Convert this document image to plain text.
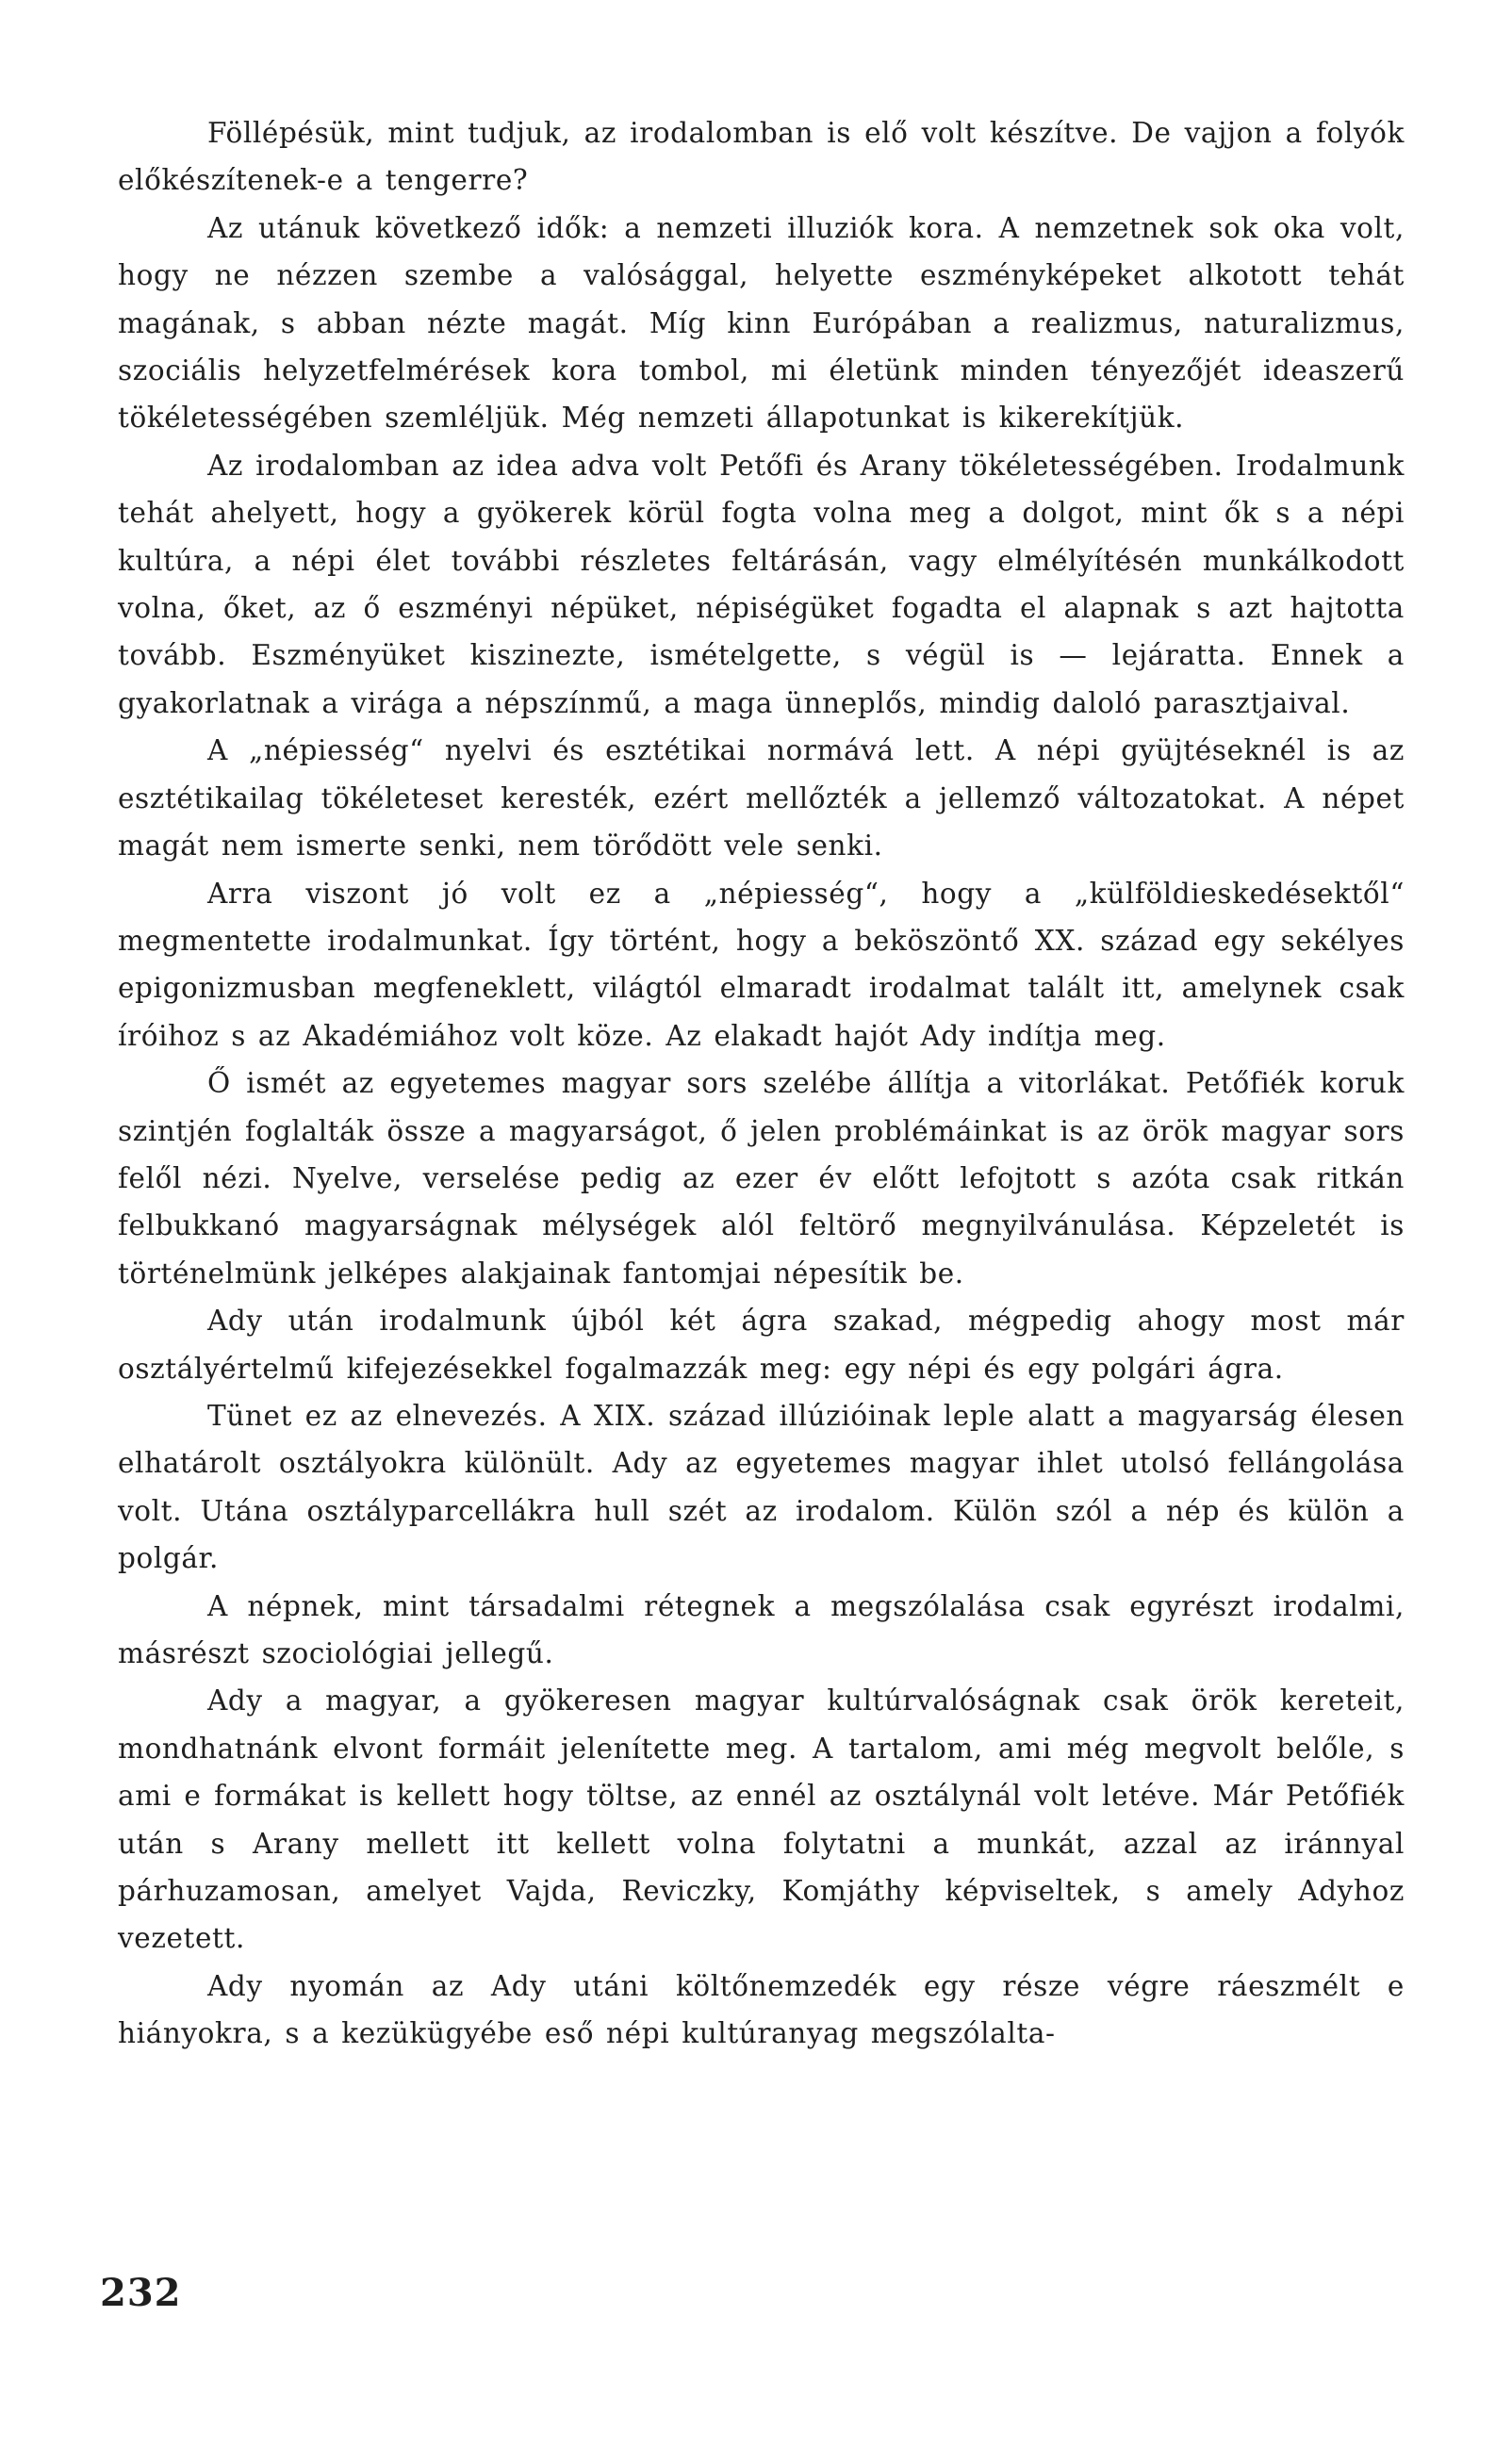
Föllépésük, mint tudjuk, az irodalomban is elő volt készítve. De vajjon a folyók előkészítenek-e a tengerre?

Az utánuk következő idők: a nemzeti illuziók kora. A nemzetnek sok oka volt, hogy ne nézzen szembe a valósággal, helyette eszményképeket alkotott tehát magának, s abban nézte magát. Míg kinn Európában a realizmus, naturalizmus, szociális helyzetfelmérések kora tombol, mi életünk minden tényezőjét ideaszerű tökéletességében szemléljük. Még nemzeti állapotunkat is kikerekítjük.

Az irodalomban az idea adva volt Petőfi és Arany tökéletességében. Irodalmunk tehát ahelyett, hogy a gyökerek körül fogta volna meg a dolgot, mint ők s a népi kultúra, a népi élet további részletes feltárásán, vagy elmélyítésén munkálkodott volna, őket, az ő eszményi népüket, népiségüket fogadta el alapnak s azt hajtotta tovább. Eszményüket kiszinezte, ismételgette, s végül is — lejáratta. Ennek a gyakorlatnak a virága a népszínmű, a maga ünneplős, mindig daloló parasztjaival.

A „népiesség“ nyelvi és esztétikai normává lett. A népi gyüjtéseknél is az esztétikailag tökéleteset keresték, ezért mellőzték a jellemző változatokat. A népet magát nem ismerte senki, nem törődött vele senki.

Arra viszont jó volt ez a „népiesség“, hogy a „külföldieskedésektől“ megmentette irodalmunkat. Így történt, hogy a beköszöntő XX. század egy sekélyes epigonizmusban megfeneklett, világtól elmaradt irodalmat talált itt, amelynek csak íróihoz s az Akadémiához volt köze. Az elakadt hajót Ady indítja meg.

Ő ismét az egyetemes magyar sors szelébe állítja a vitorlákat. Petőfiék koruk szintjén foglalták össze a magyarságot, ő jelen problémáinkat is az örök magyar sors felől nézi. Nyelve, verselése pedig az ezer év előtt lefojtott s azóta csak ritkán felbukkanó magyarságnak mélységek alól feltörő megnyilvánulása. Képzeletét is történelmünk jelképes alakjainak fantomjai népesítik be.

Ady után irodalmunk újból két ágra szakad, mégpedig ahogy most már osztályértelmű kifejezésekkel fogalmazzák meg: egy népi és egy polgári ágra.

Tünet ez az elnevezés. A XIX. század illúzióinak leple alatt a magyarság élesen elhatárolt osztályokra különült. Ady az egyetemes magyar ihlet utolsó fellángolása volt. Utána osztályparcellákra hull szét az irodalom. Külön szól a nép és külön a polgár.

A népnek, mint társadalmi rétegnek a megszólalása csak egyrészt irodalmi, másrészt szociológiai jellegű.

Ady a magyar, a gyökeresen magyar kultúrvalóságnak csak örök kereteit, mondhatnánk elvont formáit jelenítette meg. A tartalom, ami még megvolt belőle, s ami e formákat is kellett hogy töltse, az ennél az osztálynál volt letéve. Már Petőfiék után s Arany mellett itt kellett volna folytatni a munkát, azzal az iránnyal párhuzamosan, amelyet Vajda, Reviczky, Komjáthy képviseltek, s amely Adyhoz vezetett.

Ady nyomán az Ady utáni költőnemzedék egy része végre ráeszmélt e hiányokra, s a kezükügyébe eső népi kultúranyag megszólalta-

232
